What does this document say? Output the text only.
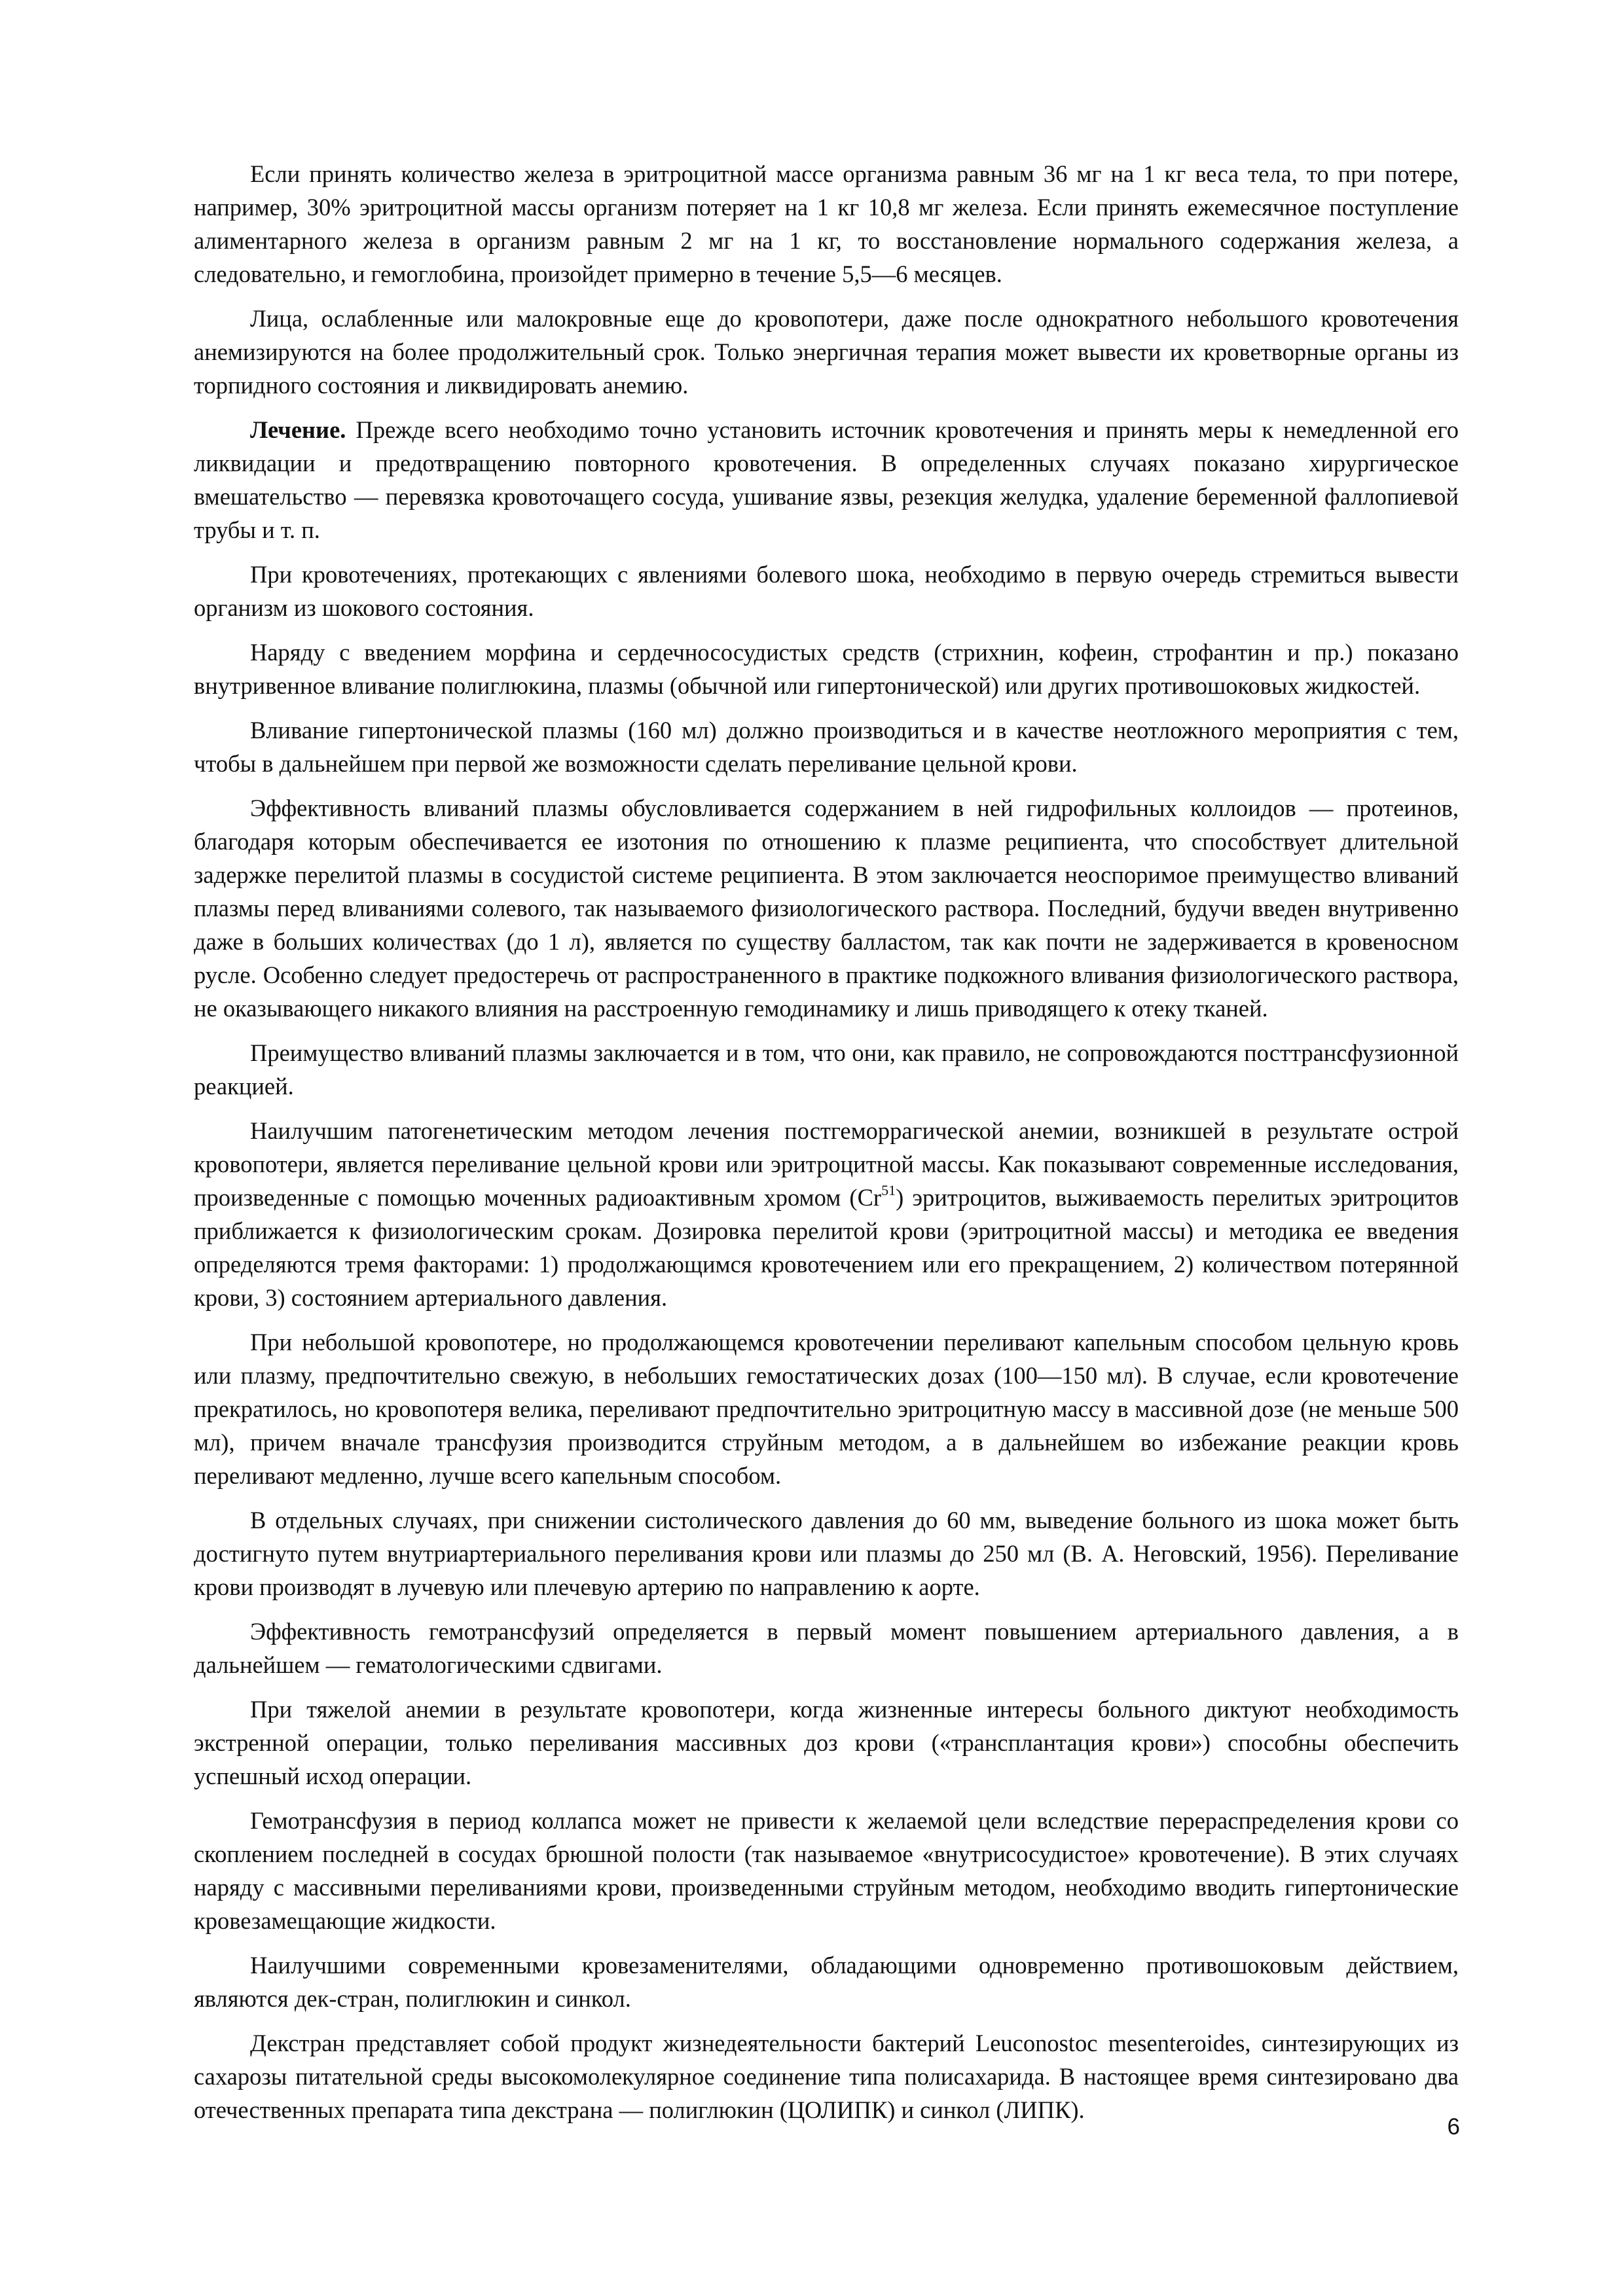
Если принять количество железа в эритроцитной массе организма равным 36 мг на 1 кг веса тела, то при потере, например, 30% эритроцитной массы организм потеряет на 1 кг 10,8 мг железа. Если принять ежемесячное поступление алиментарного железа в организм равным 2 мг на 1 кг, то восстановление нормального содержания железа, а следовательно, и гемоглобина, произойдет примерно в течение 5,5—6 месяцев.

Лица, ослабленные или малокровные еще до кровопотери, даже после однократного небольшого кровотечения анемизируются на более продолжительный срок. Только энергичная терапия может вывести их кроветворные органы из торпидного состояния и ликвидировать анемию.

Лечение. Прежде всего необходимо точно установить источник кровотечения и принять меры к немедленной его ликвидации и предотвращению повторного кровотечения. В определенных случаях показано хирургическое вмешательство — перевязка кровоточащего сосуда, ушивание язвы, резекция желудка, удаление беременной фаллопиевой трубы и т. п.

При кровотечениях, протекающих с явлениями болевого шока, необходимо в первую очередь стремиться вывести организм из шокового состояния.

Наряду с введением морфина и сердечнососудистых средств (стрихнин, кофеин, строфантин и пр.) показано внутривенное вливание полиглюкина, плазмы (обычной или гипертонической) или других противошоковых жидкостей.

Вливание гипертонической плазмы (160 мл) должно производиться и в качестве неотложного мероприятия с тем, чтобы в дальнейшем при первой же возможности сделать переливание цельной крови.

Эффективность вливаний плазмы обусловливается содержанием в ней гидрофильных коллоидов — протеинов, благодаря которым обеспечивается ее изотония по отношению к плазме реципиента, что способствует длительной задержке перелитой плазмы в сосудистой системе реципиента. В этом заключается неоспоримое преимущество вливаний плазмы перед вливаниями солевого, так называемого физиологического раствора. Последний, будучи введен внутривенно даже в больших количествах (до 1 л), является по существу балластом, так как почти не задерживается в кровеносном русле. Особенно следует предостеречь от распространенного в практике подкожного вливания физиологического раствора, не оказывающего никакого влияния на расстроенную гемодинамику и лишь приводящего к отеку тканей.

Преимущество вливаний плазмы заключается и в том, что они, как правило, не сопровождаются посттрансфузионной реакцией.

Наилучшим патогенетическим методом лечения постгеморрагической анемии, возникшей в результате острой кровопотери, является переливание цельной крови или эритроцитной массы. Как показывают современные исследования, произведенные с помощью моченных радиоактивным хромом (Cr$^{51}$) эритроцитов, выживаемость перелитых эритроцитов приближается к физиологическим срокам. Дозировка перелитой крови (эритроцитной массы) и методика ее введения определяются тремя факторами: 1) продолжающимся кровотечением или его прекращением, 2) количеством потерянной крови, 3) состоянием артериального давления.

При небольшой кровопотере, но продолжающемся кровотечении переливают капельным способом цельную кровь или плазму, предпочтительно свежую, в небольших гемостатических дозах (100—150 мл). В случае, если кровотечение прекратилось, но кровопотеря велика, переливают предпочтительно эритроцитную массу в массивной дозе (не меньше 500 мл), причем вначале трансфузия производится струйным методом, а в дальнейшем во избежание реакции кровь переливают медленно, лучше всего капельным способом.

В отдельных случаях, при снижении систолического давления до 60 мм, выведение больного из шока может быть достигнуто путем внутриартериального переливания крови или плазмы до 250 мл (В. А. Неговский, 1956). Переливание крови производят в лучевую или плечевую артерию по направлению к аорте.

Эффективность гемотрансфузий определяется в первый момент повышением артериального давления, а в дальнейшем — гематологическими сдвигами.

При тяжелой анемии в результате кровопотери, когда жизненные интересы больного диктуют необходимость экстренной операции, только переливания массивных доз крови («трансплантация крови») способны обеспечить успешный исход операции.

Гемотрансфузия в период коллапса может не привести к желаемой цели вследствие перераспределения крови со скоплением последней в сосудах брюшной полости (так называемое «внутрисосудистое» кровотечение). В этих случаях наряду с массивными переливаниями крови, произведенными струйным методом, необходимо вводить гипертонические кровезамещающие жидкости.

Наилучшими современными кровезаменителями, обладающими одновременно противошоковым действием, являются дек-стран, полиглюкин и синкол.

Декстран представляет собой продукт жизнедеятельности бактерий Leuconostoc mesenteroides, синтезирующих из сахарозы питательной среды высокомолекулярное соединение типа полисахарида. В настоящее время синтезировано два отечественных препарата типа декстрана — полиглюкин (ЦОЛИПК) и синкол (ЛИПК).

6
